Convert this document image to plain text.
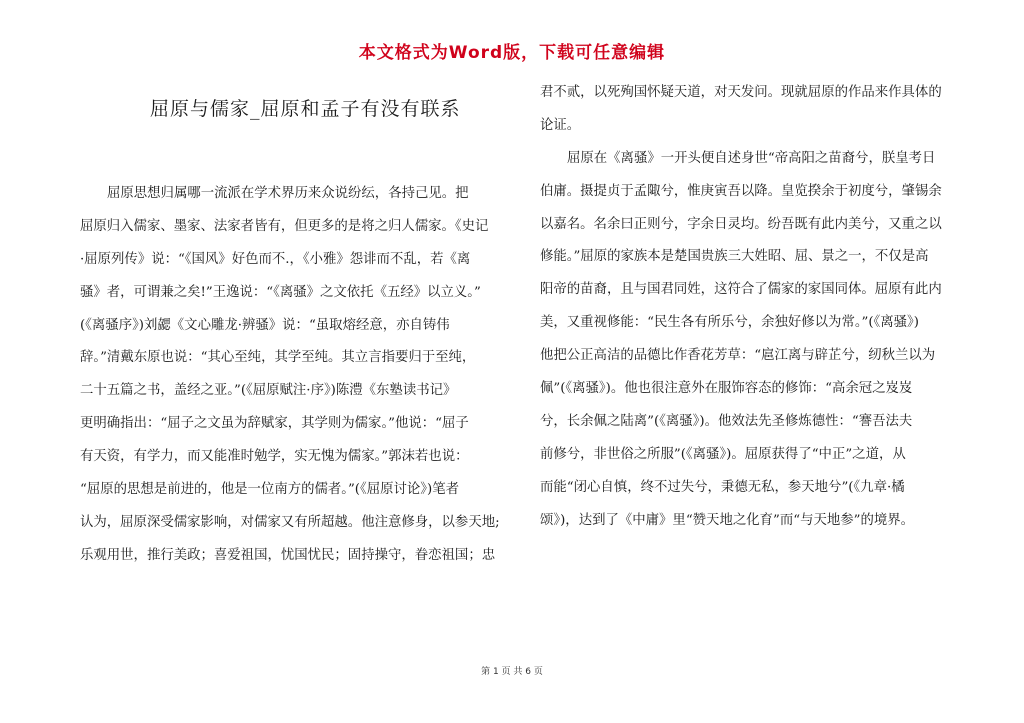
本文格式为Word版，下载可任意编辑
屈原与儒家_屈原和孟子有没有联系
屈原思想归属哪一流派在学术界历来众说纷纭，各持己见。把
屈原归入儒家、墨家、法家者皆有，但更多的是将之归人儒家。《史记
·屈原列传》说：“《国风》好色而不.，《小雅》怨诽而不乱，若《离
骚》者，可谓兼之矣!”王逸说：“《离骚》之文依托《五经》以立义。”
(《离骚序》)刘勰《文心雕龙·辨骚》说：“虽取熔经意，亦自铸伟
辞。”清戴东原也说：“其心至纯，其学至纯。其立言指要归于至纯，
二十五篇之书，盖经之亚。”(《屈原赋注·序》)陈澧《东塾读书记》
更明确指出：“屈子之文虽为辞赋家，其学则为儒家。”他说：“屈子
有天资，有学力，而又能准时勉学，实无愧为儒家。”郭沫若也说：
“屈原的思想是前进的，他是一位南方的儒者。”(《屈原讨论》)笔者
认为，屈原深受儒家影响，对儒家又有所超越。他注意修身，以参天地;
乐观用世，推行美政；喜爱祖国，忧国忧民；固持操守，眷恋祖国；忠
君不贰，以死殉国怀疑天道，对天发问。现就屈原的作品来作具体的
论证。
屈原在《离骚》一开头便自述身世“帝高阳之苗裔兮，朕皇考日
伯庸。摄提贞于孟陬兮，惟庚寅吾以降。皇览揆余于初度兮，肇锡余
以嘉名。名余曰正则兮，字余日灵均。纷吾既有此内美兮，又重之以
修能。”屈原的家族本是楚国贵族三大姓昭、屈、景之一，不仅是高
阳帝的苗裔，且与国君同姓，这符合了儒家的家国同体。屈原有此内
美，又重视修能：“民生各有所乐兮，余独好修以为常。”(《离骚》)
他把公正高洁的品德比作香花芳草：“扈江离与辟芷兮，纫秋兰以为
佩”(《离骚》)。他也很注意外在服饰容态的修饰：“高余冠之岌岌
兮，长余佩之陆离”(《离骚》)。他效法先圣修炼德性：“謇吾法夫
前修兮，非世俗之所服”(《离骚》)。屈原获得了“中正”之道，从
而能“闭心自慎，终不过失兮，秉德无私，参天地兮”(《九章·橘
颂》)，达到了《中庸》里“赞天地之化育”而“与天地参”的境界。
第 1 页 共 6 页
